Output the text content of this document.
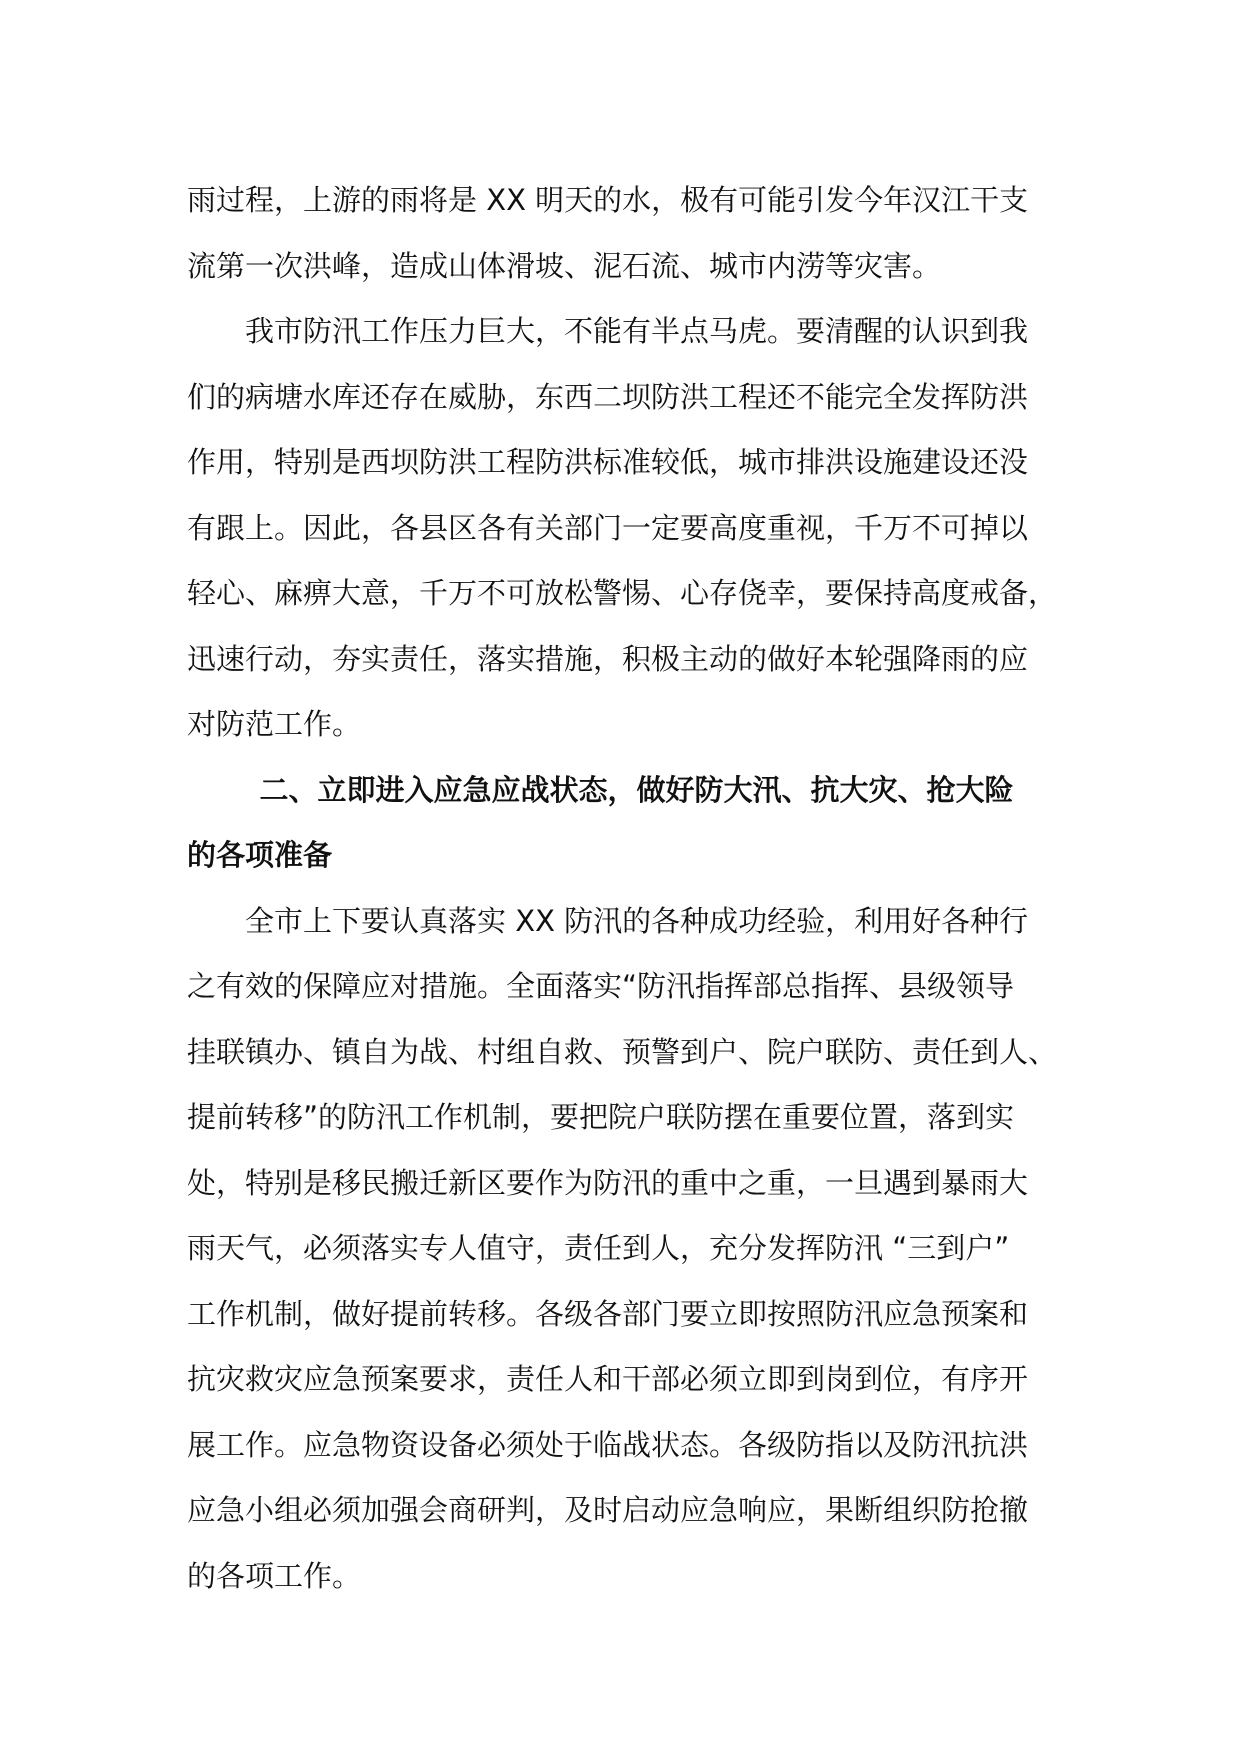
雨过程，上游的雨将是 XX 明天的水，极有可能引发今年汉江干支
流第一次洪峰，造成山体滑坡、泥石流、城市内涝等灾害。

我市防汛工作压力巨大，不能有半点马虎。要清醒的认识到我
们的病塘水库还存在威胁，东西二坝防洪工程还不能完全发挥防洪
作用，特别是西坝防洪工程防洪标准较低，城市排洪设施建设还没
有跟上。因此，各县区各有关部门一定要高度重视，千万不可掉以
轻心、麻痹大意，千万不可放松警惕、心存侥幸，要保持高度戒备，
迅速行动，夯实责任，落实措施，积极主动的做好本轮强降雨的应
对防范工作。

二、立即进入应急应战状态，做好防大汛、抗大灾、抢大险
的各项准备

全市上下要认真落实 XX 防汛的各种成功经验，利用好各种行
之有效的保障应对措施。全面落实“防汛指挥部总指挥、县级领导
挂联镇办、镇自为战、村组自救、预警到户、院户联防、责任到人、
提前转移”的防汛工作机制，要把院户联防摆在重要位置，落到实
处，特别是移民搬迁新区要作为防汛的重中之重，一旦遇到暴雨大
雨天气，必须落实专人值守，责任到人，充分发挥防汛 “三到户”
工作机制，做好提前转移。各级各部门要立即按照防汛应急预案和
抗灾救灾应急预案要求，责任人和干部必须立即到岗到位，有序开
展工作。应急物资设备必须处于临战状态。各级防指以及防汛抗洪
应急小组必须加强会商研判，及时启动应急响应，果断组织防抢撤
的各项工作。
